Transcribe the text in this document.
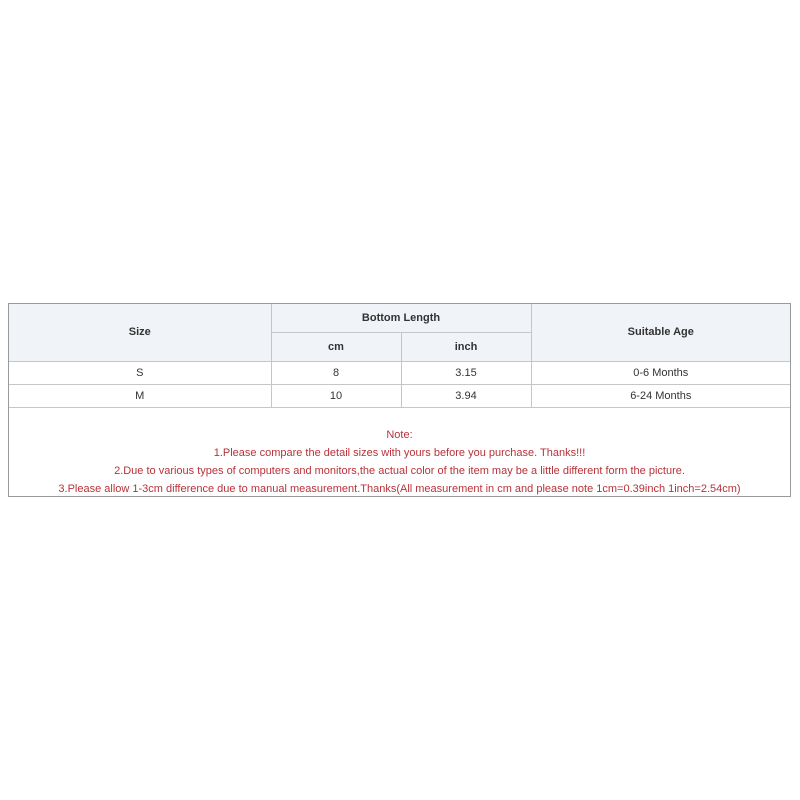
Size	Bottom Length		Suitable Age
	cm	inch	
S	8	3.15	0-6 Months
M	10	3.94	6-24 Months
Note:
1.Please compare the detail sizes with yours before you purchase. Thanks!!!
2.Due to various types of computers and monitors,the actual color of the item may be a little different form the picture.
3.Please allow 1-3cm difference due to manual measurement.Thanks(All measurement in cm and please note 1cm=0.39inch 1inch=2.54cm)
